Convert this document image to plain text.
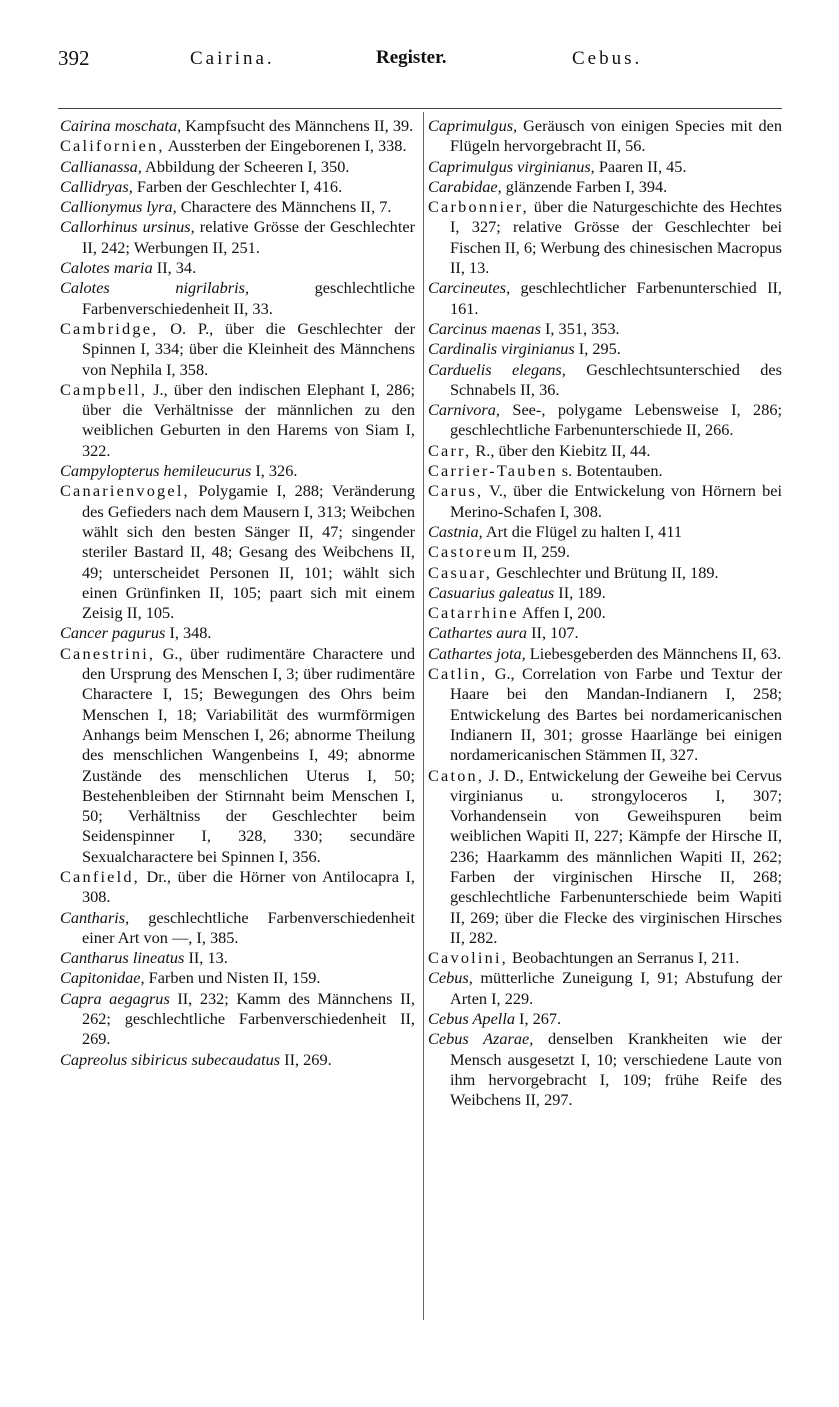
392	Cairina.	Register.	Cebus.

Cairina moschata, Kampfsucht des Männchens II, 39.

Californien, Aussterben der Eingeborenen I, 338.

Callianassa, Abbildung der Scheeren I, 350.

Callidryas, Farben der Geschlechter I, 416.

Callionymus lyra, Charactere des Männchens II, 7.

Callorhinus ursinus, relative Grösse der Geschlechter II, 242; Werbungen II, 251.

Calotes maria II, 34.

Calotes nigrilabris, geschlechtliche Farbenverschiedenheit II, 33.

Cambridge, O. P., über die Geschlechter der Spinnen I, 334; über die Kleinheit des Männchens von Nephila I, 358.

Campbell, J., über den indischen Elephant I, 286; über die Verhältnisse der männlichen zu den weiblichen Geburten in den Harems von Siam I, 322.

Campylopterus hemileucurus I, 326.

Canarienvogel, Polygamie I, 288; Veränderung des Gefieders nach dem Mausern I, 313; Weibchen wählt sich den besten Sänger II, 47; singender steriler Bastard II, 48; Gesang des Weibchens II, 49; unterscheidet Personen II, 101; wählt sich einen Grünfinken II, 105; paart sich mit einem Zeisig II, 105.

Cancer pagurus I, 348.

Canestrini, G., über rudimentäre Charactere und den Ursprung des Menschen I, 3; über rudimentäre Charactere I, 15; Bewegungen des Ohrs beim Menschen I, 18; Variabilität des wurmförmigen Anhangs beim Menschen I, 26; abnorme Theilung des menschlichen Wangenbeins I, 49; abnorme Zustände des menschlichen Uterus I, 50; Bestehenbleiben der Stirnnaht beim Menschen I, 50; Verhältniss der Geschlechter beim Seidenspinner I, 328, 330; secundäre Sexualcharactere bei Spinnen I, 356.

Canfield, Dr., über die Hörner von Antilocapra I, 308.

Cantharis, geschlechtliche Farbenverschiedenheit einer Art von —, I, 385.

Cantharus lineatus II, 13.

Capitonidae, Farben und Nisten II, 159.

Capra aegagrus II, 232; Kamm des Männchens II, 262; geschlechtliche Farbenverschiedenheit II, 269.

Capreolus sibiricus subecaudatus II, 269.

Caprimulgus, Geräusch von einigen Species mit den Flügeln hervorgebracht II, 56.

Caprimulgus virginianus, Paaren II, 45.

Carabidae, glänzende Farben I, 394.

Carbonnier, über die Naturgeschichte des Hechtes I, 327; relative Grösse der Geschlechter bei Fischen II, 6; Werbung des chinesischen Macropus II, 13.

Carcineutes, geschlechtlicher Farbenunterschied II, 161.

Carcinus maenas I, 351, 353.

Cardinalis virginianus I, 295.

Carduelis elegans, Geschlechtsunterschied des Schnabels II, 36.

Carnivora, See-, polygame Lebensweise I, 286; geschlechtliche Farbenunterschiede II, 266.

Carr, R., über den Kiebitz II, 44.

Carrier-Tauben s. Botentauben.

Carus, V., über die Entwickelung von Hörnern bei Merino-Schafen I, 308.

Castnia, Art die Flügel zu halten I, 411

Castoreum II, 259.

Casuar, Geschlechter und Brütung II, 189.

Casuarius galeatus II, 189.

Catarrhine Affen I, 200.

Cathartes aura II, 107.

Cathartes jota, Liebesgeberden des Männchens II, 63.

Catlin, G., Correlation von Farbe und Textur der Haare bei den Mandan-Indianern I, 258; Entwickelung des Bartes bei nordamericanischen Indianern II, 301; grosse Haarlänge bei einigen nordamericanischen Stämmen II, 327.

Caton, J. D., Entwickelung der Geweihe bei Cervus virginianus u. strongyloceros I, 307; Vorhandensein von Geweihspuren beim weiblichen Wapiti II, 227; Kämpfe der Hirsche II, 236; Haarkamm des männlichen Wapiti II, 262; Farben der virginischen Hirsche II, 268; geschlechtliche Farbenunterschiede beim Wapiti II, 269; über die Flecke des virginischen Hirsches II, 282.

Cavolini, Beobachtungen an Serranus I, 211.

Cebus, mütterliche Zuneigung I, 91; Abstufung der Arten I, 229.

Cebus Apella I, 267.

Cebus Azarae, denselben Krankheiten wie der Mensch ausgesetzt I, 10; verschiedene Laute von ihm hervorgebracht I, 109; frühe Reife des Weibchens II, 297.
